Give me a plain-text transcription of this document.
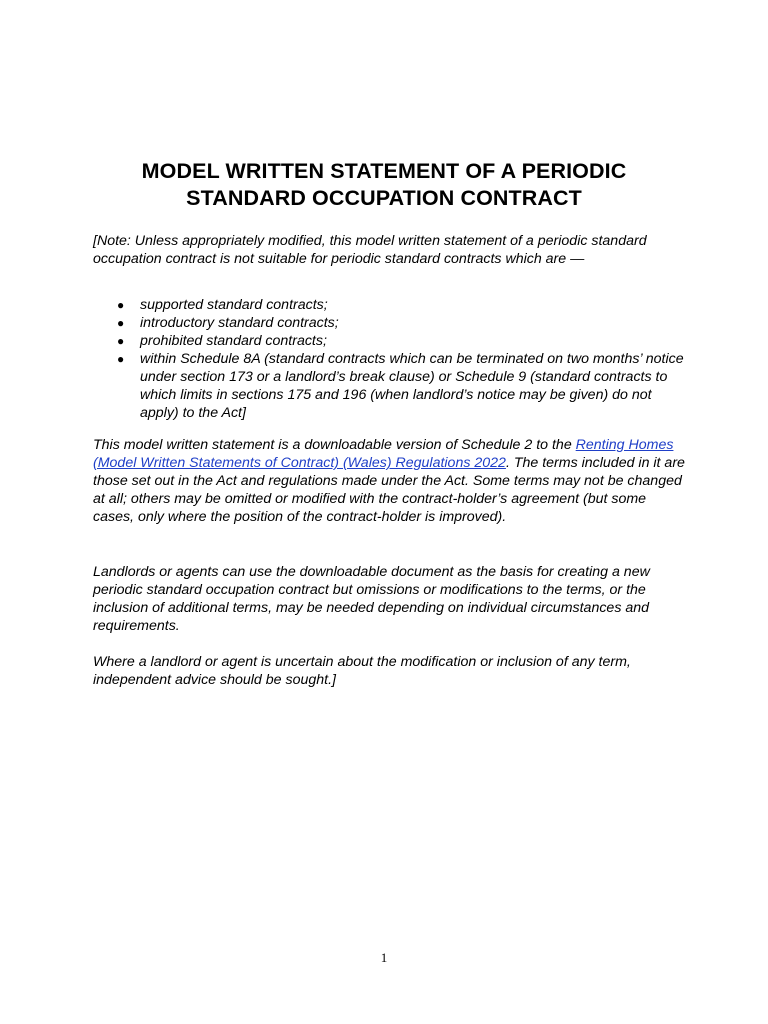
MODEL WRITTEN STATEMENT OF A PERIODIC
STANDARD OCCUPATION CONTRACT
[Note: Unless appropriately modified, this model written statement of a periodic standard occupation contract is not suitable for periodic standard contracts which are —
● supported standard contracts;
● introductory standard contracts;
● prohibited standard contracts;
● within Schedule 8A (standard contracts which can be terminated on two months’ notice under section 173 or a landlord’s break clause) or Schedule 9 (standard contracts to which limits in sections 175 and 196 (when landlord’s notice may be given) do not apply) to the Act]
This model written statement is a downloadable version of Schedule 2 to the Renting Homes (Model Written Statements of Contract) (Wales) Regulations 2022. The terms included in it are those set out in the Act and regulations made under the Act. Some terms may not be changed at all; others may be omitted or modified with the contract-holder’s agreement (but some cases, only where the position of the contract-holder is improved).
Landlords or agents can use the downloadable document as the basis for creating a new periodic standard occupation contract but omissions or modifications to the terms, or the inclusion of additional terms, may be needed depending on individual circumstances and requirements.
Where a landlord or agent is uncertain about the modification or inclusion of any term, independent advice should be sought.]
1
